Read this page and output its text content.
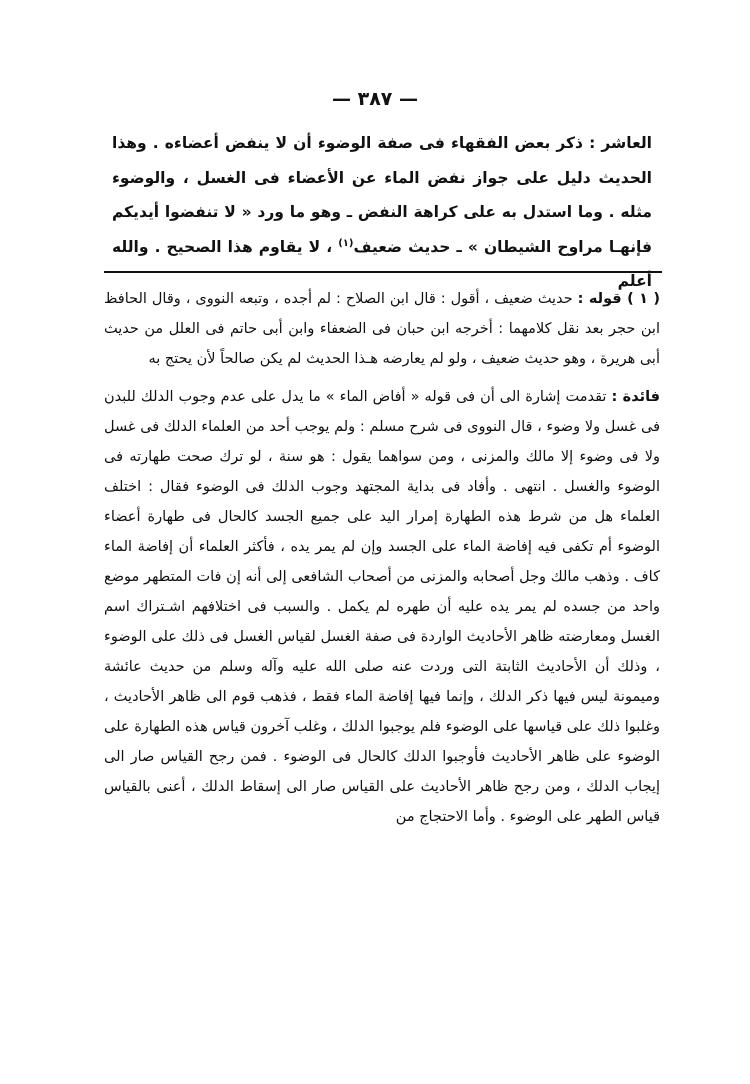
— ٣٨٧ —

العاشر : ذكر بعض الفقهاء فى صفة الوضوء أن لا ينفض أعضاءه . وهذا الحديث دليل على جواز نفض الماء عن الأعضاء فى الغسل ، والوضوء مثله . وما استدل به على كراهة النفض ـ وهو ما ورد « لا تنفضوا أيديكم فإنهـا مراوح الشيطان » ـ حديث ضعيف$^{(١)}$ ، لا يقاوم هذا الصحيح . والله أعلم

( ١ ) قوله : حديث ضعيف ، أقول : قال ابن الصلاح : لم أجده ، وتبعه النووى ، وقال الحافظ ابن حجر بعد نقل كلامهما : أخرجه ابن حبان فى الضعفاء وابن أبى حاتم فى العلل من حديث أبى هريرة ، وهو حديث ضعيف ، ولو لم يعارضه هـذا الحديث لم يكن صالحاً لأن يحتج به

فائدة : تقدمت إشارة الى أن فى قوله « أفاض الماء » ما يدل على عدم وجوب الدلك للبدن فى غسل ولا وضوء ، قال النووى فى شرح مسلم : ولم يوجب أحد من العلماء الدلك فى غسل ولا فى وضوء إلا مالك والمزنى ، ومن سواهما يقول : هو سنة ، لو ترك صحت طهارته فى الوضوء والغسل . انتهى . وأفاد فى بداية المجتهد وجوب الدلك فى الوضوء فقال : اختلف العلماء هل من شرط هذه الطهارة إمرار اليد على جميع الجسد كالحال فى طهارة أعضاء الوضوء أم تكفى فيه إفاضة الماء على الجسد وإن لم يمر يده ، فأكثر العلماء أن إفاضة الماء كاف . وذهب مالك وجل أصحابه والمزنى من أصحاب الشافعى إلى أنه إن فات المتطهر موضع واحد من جسده لم يمر يده عليه أن طهره لم يكمل . والسبب فى اختلافهم اشـتراك اسم الغسل ومعارضته ظاهر الأحاديث الواردة فى صفة الغسل لقياس الغسل فى ذلك على الوضوء ، وذلك أن الأحاديث الثابتة التى وردت عنه صلى الله عليه وآله وسلم من حديث عائشة وميمونة ليس فيها ذكر الدلك ، وإنما فيها إفاضة الماء فقط ، فذهب قوم الى ظاهر الأحاديث ، وغلبوا ذلك على قياسها على الوضوء فلم يوجبوا الدلك ، وغلب آخرون قياس هذه الطهارة على الوضوء على ظاهر الأحاديث فأوجبوا الدلك كالحال فى الوضوء . فمن رجح القياس صار الى إيجاب الدلك ، ومن رجح ظاهر الأحاديث على القياس صار الى إسقاط الدلك ، أعنى بالقياس قياس الطهر على الوضوء . وأما الاحتجاج من
